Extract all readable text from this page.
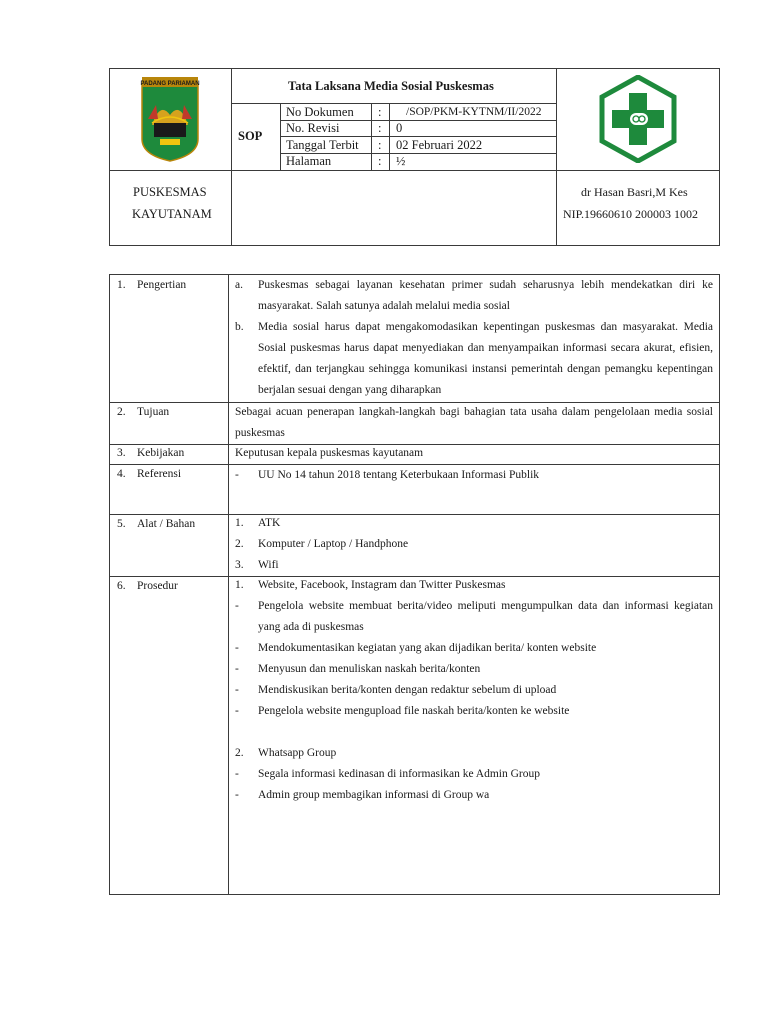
PADANG PARIAMAN	Tata Laksana Media Sosial Puskesmas
SOP
No Dokumen : /SOP/PKM-KYTNM/II/2022
No. Revisi	: 0
Tanggal Terbit : 02 Februari 2022
Halaman	: ½
PUSKESMAS
KAYUTANAM
dr Hasan Basri,M Kes
NIP.19660610 200003 1002
1. Pengertian	a. Puskesmas sebagai layanan kesehatan primer sudah seharusnya lebih mendekatkan diri ke masyarakat. Salah satunya adalah melalui media sosial
b. Media sosial harus dapat mengakomodasikan kepentingan puskesmas dan masyarakat. Media Sosial puskesmas harus dapat menyediakan dan menyampaikan informasi secara akurat, efisien, efektif, dan terjangkau sehingga komunikasi instansi pemerintah dengan pemangku kepentingan berjalan sesuai dengan yang diharapkan
2. Tujuan	Sebagai acuan penerapan langkah-langkah bagi bahagian tata usaha dalam pengelolaan media sosial puskesmas
3. Kebijakan	Keputusan kepala puskesmas kayutanam
4. Referensi	- UU No 14 tahun 2018 tentang Keterbukaan Informasi Publik
5. Alat / Bahan	1. ATK
2. Komputer / Laptop / Handphone
3. Wifi
6. Prosedur	1. Website, Facebook, Instagram dan Twitter Puskesmas
- Pengelola website membuat berita/video meliputi mengumpulkan data dan informasi kegiatan yang ada di puskesmas
- Mendokumentasikan kegiatan yang akan dijadikan berita/ konten website
- Menyusun dan menuliskan naskah berita/konten
- Mendiskusikan berita/konten dengan redaktur sebelum di upload
- Pengelola website mengupload file naskah berita/konten ke website
2. Whatsapp Group
- Segala informasi kedinasan di informasikan ke Admin Group
- Admin group membagikan informasi di Group wa
